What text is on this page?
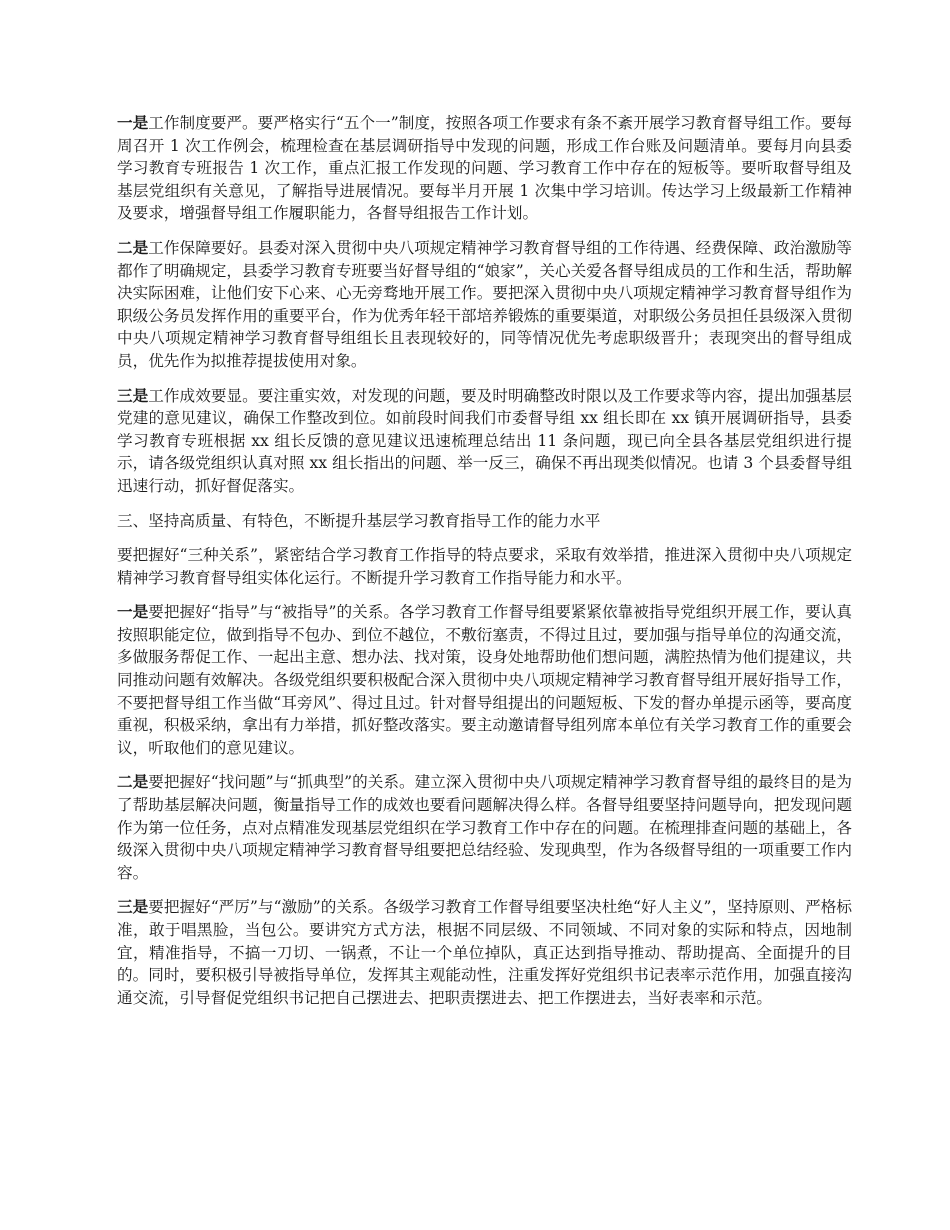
一是工作制度要严。要严格实行“五个一”制度，按照各项工作要求有条不紊开展学习教育督导组工作。要每周召开 1 次工作例会，梳理检查在基层调研指导中发现的问题，形成工作台账及问题清单。要每月向县委学习教育专班报告 1 次工作，重点汇报工作发现的问题、学习教育工作中存在的短板等。要听取督导组及基层党组织有关意见，了解指导进展情况。要每半月开展 1 次集中学习培训。传达学习上级最新工作精神及要求，增强督导组工作履职能力，各督导组报告工作计划。

二是工作保障要好。县委对深入贯彻中央八项规定精神学习教育督导组的工作待遇、经费保障、政治激励等都作了明确规定，县委学习教育专班要当好督导组的“娘家”，关心关爱各督导组成员的工作和生活，帮助解决实际困难，让他们安下心来、心无旁骛地开展工作。要把深入贯彻中央八项规定精神学习教育督导组作为职级公务员发挥作用的重要平台，作为优秀年轻干部培养锻炼的重要渠道，对职级公务员担任县级深入贯彻中央八项规定精神学习教育督导组组长且表现较好的，同等情况优先考虑职级晋升；表现突出的督导组成员，优先作为拟推荐提拔使用对象。

三是工作成效要显。要注重实效，对发现的问题，要及时明确整改时限以及工作要求等内容，提出加强基层党建的意见建议，确保工作整改到位。如前段时间我们市委督导组 xx 组长即在 xx 镇开展调研指导，县委学习教育专班根据 xx 组长反馈的意见建议迅速梳理总结出 11 条问题，现已向全县各基层党组织进行提示，请各级党组织认真对照 xx 组长指出的问题、举一反三，确保不再出现类似情况。也请 3 个县委督导组迅速行动，抓好督促落实。

三、坚持高质量、有特色，不断提升基层学习教育指导工作的能力水平

要把握好“三种关系”，紧密结合学习教育工作指导的特点要求，采取有效举措，推进深入贯彻中央八项规定精神学习教育督导组实体化运行。不断提升学习教育工作指导能力和水平。

一是要把握好“指导”与“被指导”的关系。各学习教育工作督导组要紧紧依靠被指导党组织开展工作，要认真按照职能定位，做到指导不包办、到位不越位，不敷衍塞责，不得过且过，要加强与指导单位的沟通交流，多做服务帮促工作、一起出主意、想办法、找对策，设身处地帮助他们想问题，满腔热情为他们提建议，共同推动问题有效解决。各级党组织要积极配合深入贯彻中央八项规定精神学习教育督导组开展好指导工作，不要把督导组工作当做“耳旁风”、得过且过。针对督导组提出的问题短板、下发的督办单提示函等，要高度重视，积极采纳，拿出有力举措，抓好整改落实。要主动邀请督导组列席本单位有关学习教育工作的重要会议，听取他们的意见建议。

二是要把握好“找问题”与“抓典型”的关系。建立深入贯彻中央八项规定精神学习教育督导组的最终目的是为了帮助基层解决问题，衡量指导工作的成效也要看问题解决得么样。各督导组要坚持问题导向，把发现问题作为第一位任务，点对点精准发现基层党组织在学习教育工作中存在的问题。在梳理排查问题的基础上，各级深入贯彻中央八项规定精神学习教育督导组要把总结经验、发现典型，作为各级督导组的一项重要工作内容。

三是要把握好“严厉”与“激励”的关系。各级学习教育工作督导组要坚决杜绝“好人主义”，坚持原则、严格标准，敢于唱黑脸，当包公。要讲究方式方法，根据不同层级、不同领域、不同对象的实际和特点，因地制宜，精准指导，不搞一刀切、一锅煮，不让一个单位掉队，真正达到指导推动、帮助提高、全面提升的目的。同时，要积极引导被指导单位，发挥其主观能动性，注重发挥好党组织书记表率示范作用，加强直接沟通交流，引导督促党组织书记把自己摆进去、把职责摆进去、把工作摆进去，当好表率和示范。
